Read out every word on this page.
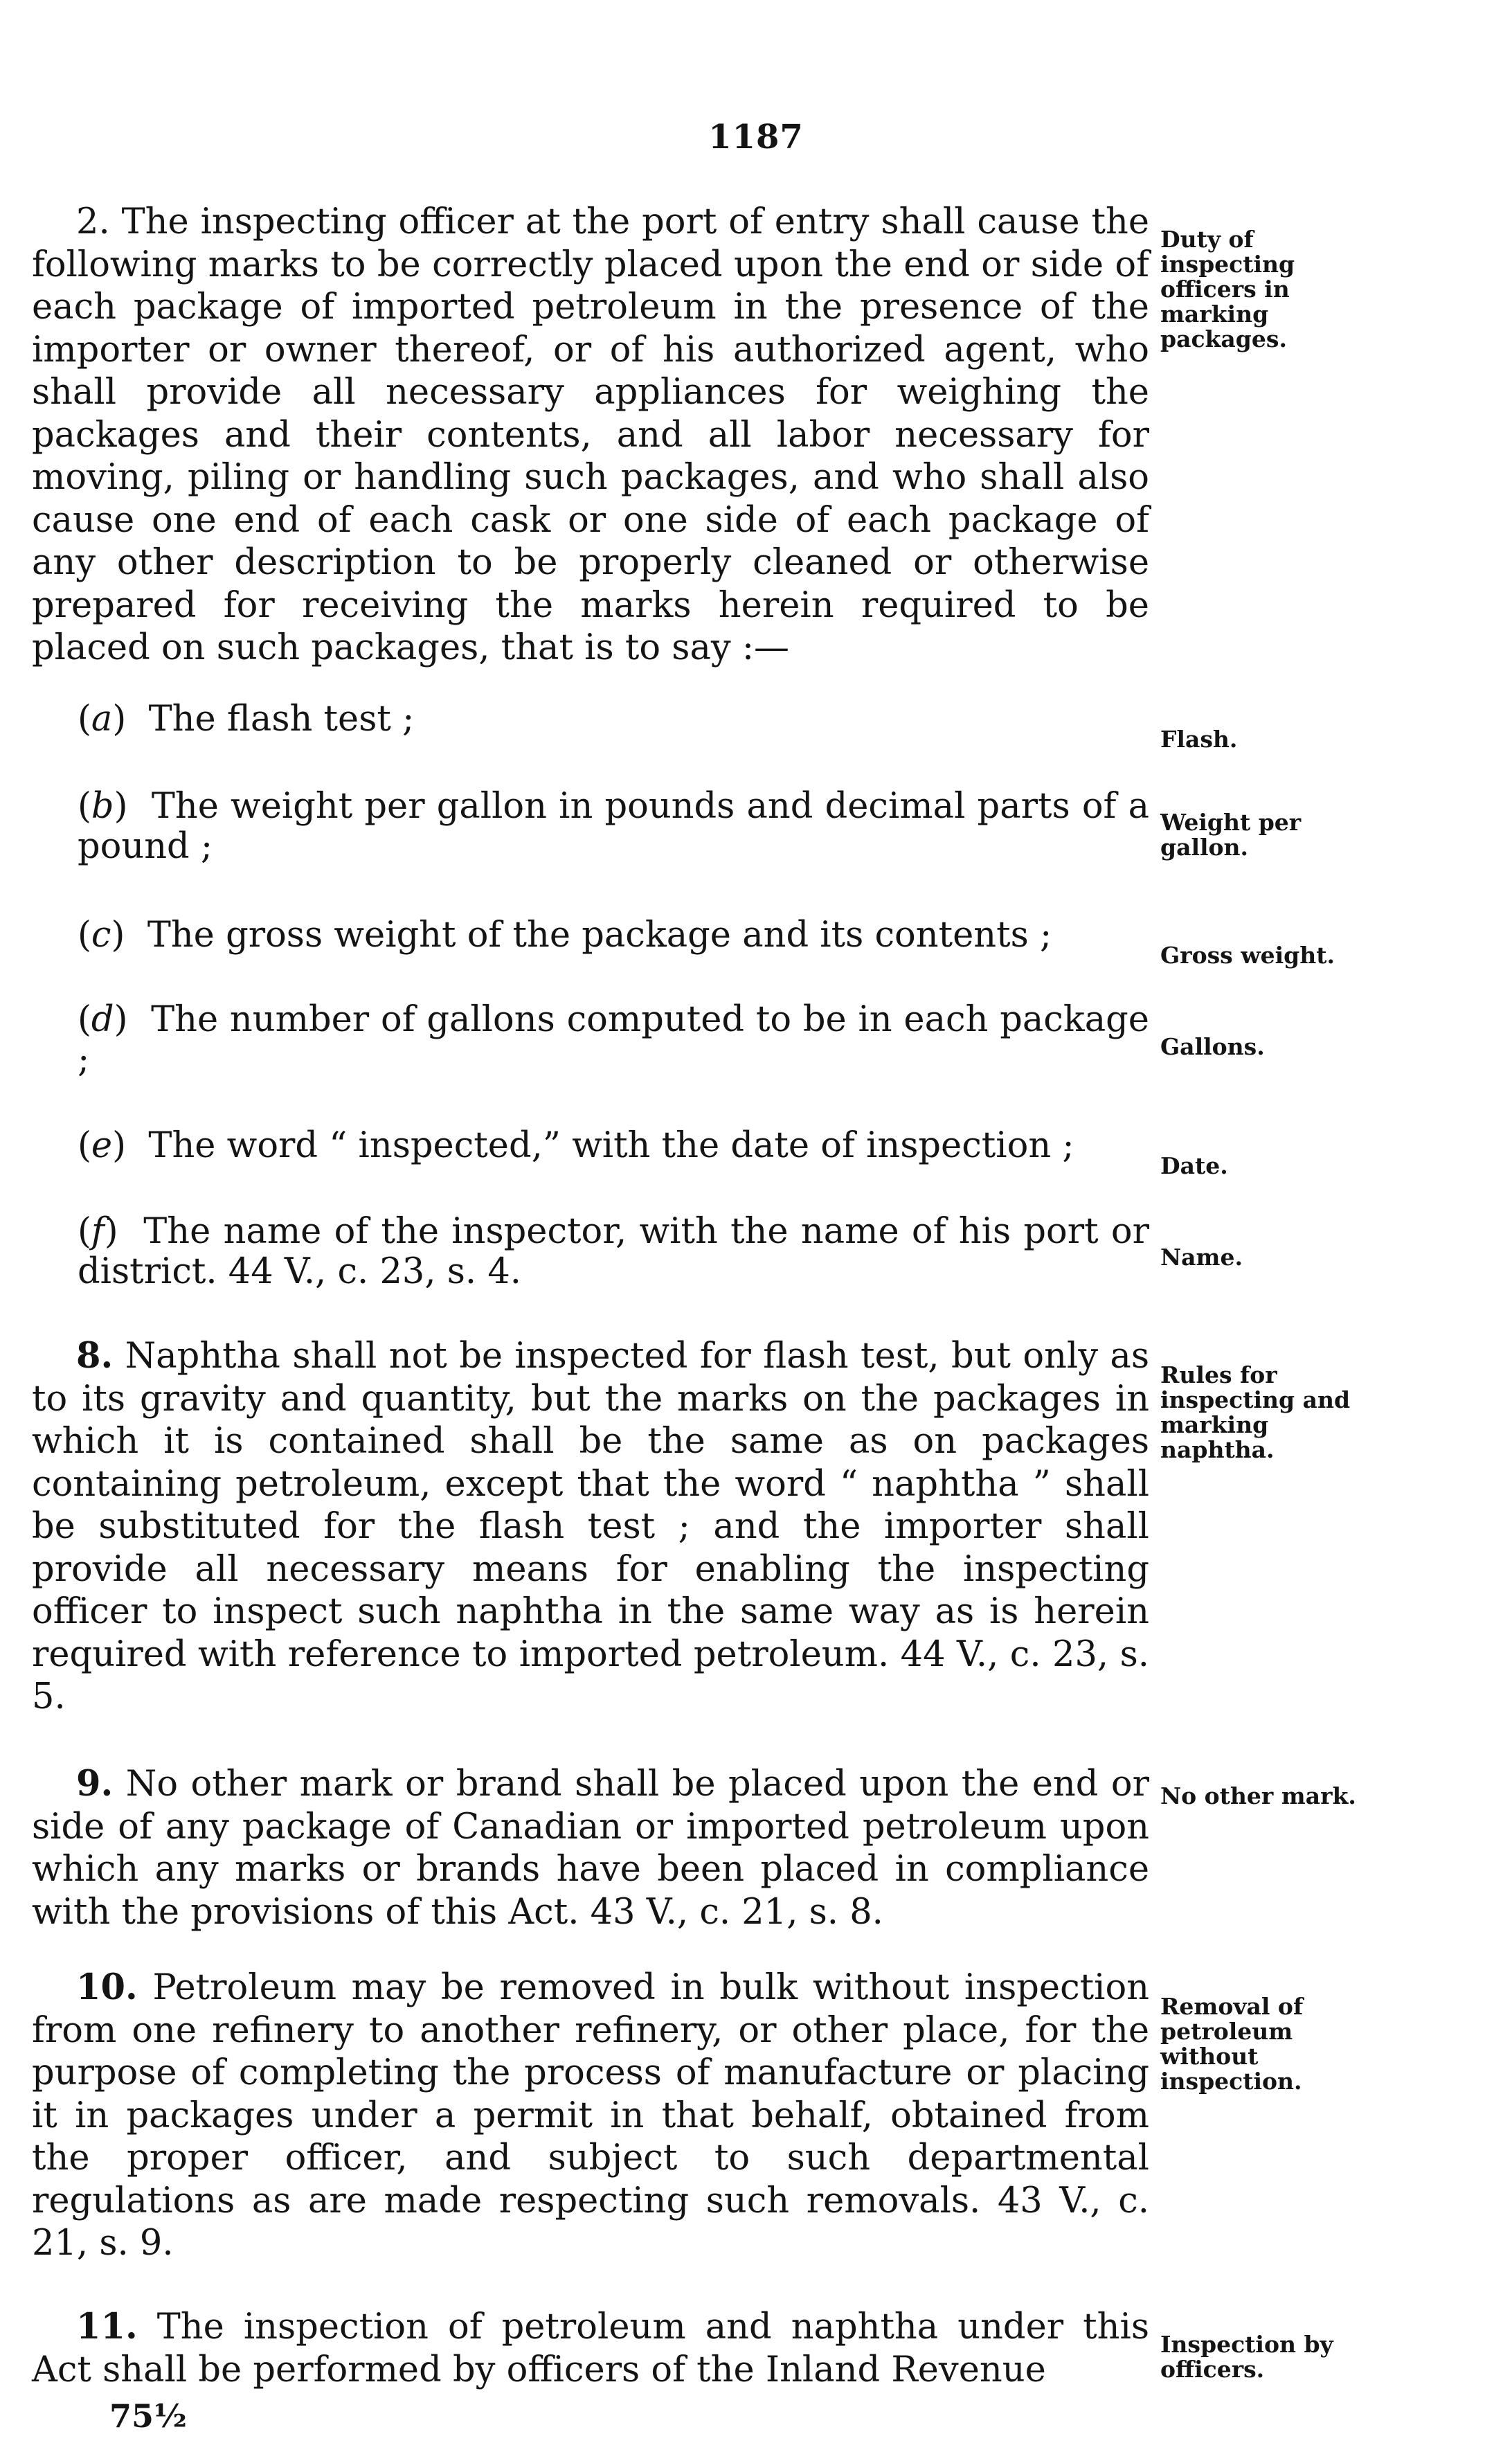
1187

2. The inspecting officer at the port of entry shall cause the following marks to be correctly placed upon the end or side of each package of imported petroleum in the presence of the importer or owner thereof, or of his authorized agent, who shall provide all necessary appliances for weighing the packages and their contents, and all labor necessary for moving, piling or handling such packages, and who shall also cause one end of each cask or one side of each package of any other description to be properly cleaned or otherwise prepared for receiving the marks herein required to be placed on such packages, that is to say :—

Duty of inspecting officers in marking packages.

(a)  The flash test ;	Flash.

(b)  The weight per gallon in pounds and decimal parts of a pound ;

Weight per gallon.

(c)  The gross weight of the package and its contents ;	Gross weight.

(d)  The number of gallons computed to be in each package ;	Gallons.

(e)  The word “ inspected,” with the date of inspection ;	Date.

(f)  The name of the inspector, with the name of his port or district. 44 V., c. 23, s. 4.	Name.

8. Naphtha shall not be inspected for flash test, but only as to its gravity and quantity, but the marks on the packages in which it is contained shall be the same as on packages containing petroleum, except that the word “ naphtha ” shall be substituted for the flash test ; and the importer shall provide all necessary means for enabling the inspecting officer to inspect such naphtha in the same way as is herein required with reference to imported petroleum. 44 V., c. 23, s. 5.

Rules for inspecting and marking naphtha.

9. No other mark or brand shall be placed upon the end or side of any package of Canadian or imported petroleum upon which any marks or brands have been placed in compliance with the provisions of this Act. 43 V., c. 21, s. 8.

No other mark.

10. Petroleum may be removed in bulk without inspection from one refinery to another refinery, or other place, for the purpose of completing the process of manufacture or placing it in packages under a permit in that behalf, obtained from the proper officer, and subject to such departmental regulations as are made respecting such removals. 43 V., c. 21, s. 9.

Removal of petroleum without inspection.

11. The inspection of petroleum and naphtha under this Act shall be performed by officers of the Inland Revenue

Inspection by officers.
75½
